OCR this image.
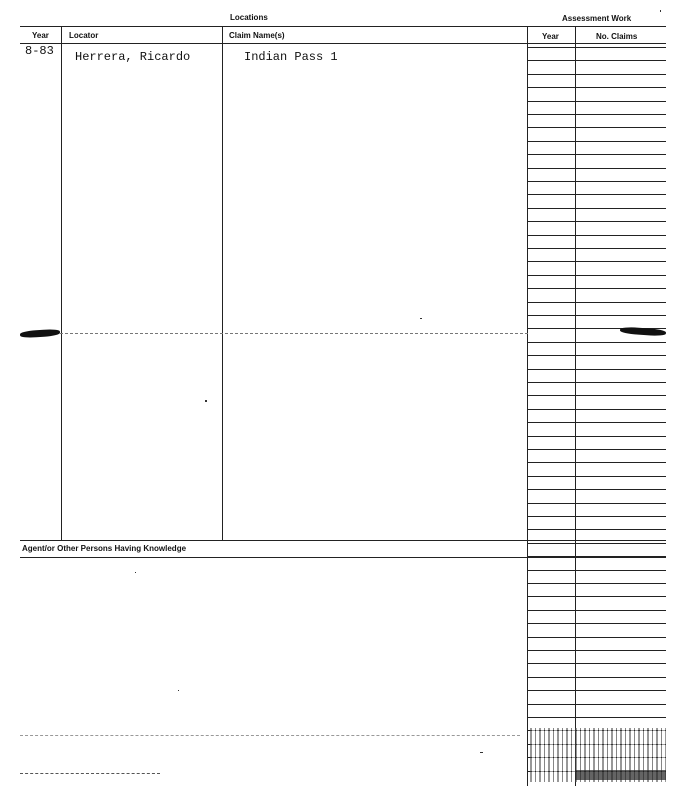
Locations	Assessment Work
Year	Locator	Claim Name(s)	Year	No. Claims
8-83 Herrera, Ricardo	Indian Pass 1
Agent/or Other Persons Having Knowledge
